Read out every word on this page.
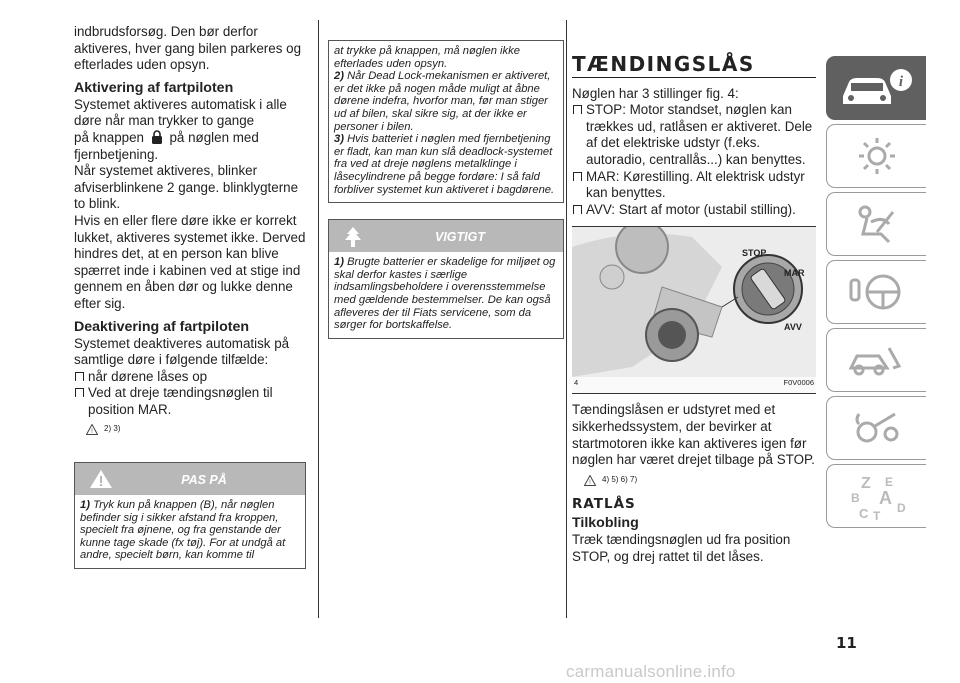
indbrudsforsøg. Den bør derfor aktiveres, hver gang bilen parkeres og efterlades uden opsyn.

Aktivering af fartpiloten

Systemet aktiveres automatisk i alle døre når man trykker to gange
på knappen på nøglen med fjernbetjening.

Når systemet aktiveres, blinker afviserblinkene 2 gange. blinklygterne to blink.

Hvis en eller flere døre ikke er korrekt lukket, aktiveres systemet ikke. Derved hindres det, at en person kan blive spærret inde i kabinen ved at stige ind gennem en åben dør og lukke denne efter sig.

Deaktivering af fartpiloten

Systemet deaktiveres automatisk på samtlige døre i følgende tilfælde:

når dørene låses op

Ved at dreje tændingsnøglen til position MAR.

! 2) 3)
PAS PÅ
1) Tryk kun på knappen (B), når nøglen befinder sig i sikker afstand fra kroppen, specielt fra øjnene, og fra genstande der kunne tage skade (fx tøj). For at undgå at andre, specielt børn, kan komme til

at trykke på knappen, må nøglen ikke efterlades uden opsyn.

2) Når Dead Lock-mekanismen er aktiveret, er det ikke på nogen måde muligt at åbne dørene indefra, hvorfor man, før man stiger ud af bilen, skal sikre sig, at der ikke er personer i bilen.

3) Hvis batteriet i nøglen med fjernbetjening er fladt, kan man kun slå deadlock-systemet fra ved at dreje nøglens metalklinge i låsecylindrene på begge fordøre: I så fald forbliver systemet kun aktiveret i bagdørene.

VIGTIGT
1) Brugte batterier er skadelige for miljøet og skal derfor kastes i særlige indsamlingsbeholdere i overensstemmelse med gældende bestemmelser. De kan også afleveres der til Fiats servicene, som da sørger for bortskaffelse.

TÆNDINGSLÅS

Nøglen har 3 stillinger fig. 4:

STOP: Motor standset, nøglen kan trækkes ud, ratlåsen er aktiveret. Dele af det elektriske udstyr (f.eks. autoradio, centrallås...) kan benyttes.

MAR: Kørestilling. Alt elektrisk udstyr kan benyttes.

AVV: Start af motor (ustabil stilling).

STOP
MAR
AVV
4	F0V0006

Tændingslåsen er udstyret med et sikkerhedssystem, der bevirker at startmotoren ikke kan aktiveres igen før nøglen har været drejet tilbage på STOP.

! 4) 5) 6) 7)

RATLÅS

Tilkobling

Træk tændingsnøglen ud fra position STOP, og drej rattet til det låses.

i
Z E
B A
C T
D
11
carmanualsonline.info
